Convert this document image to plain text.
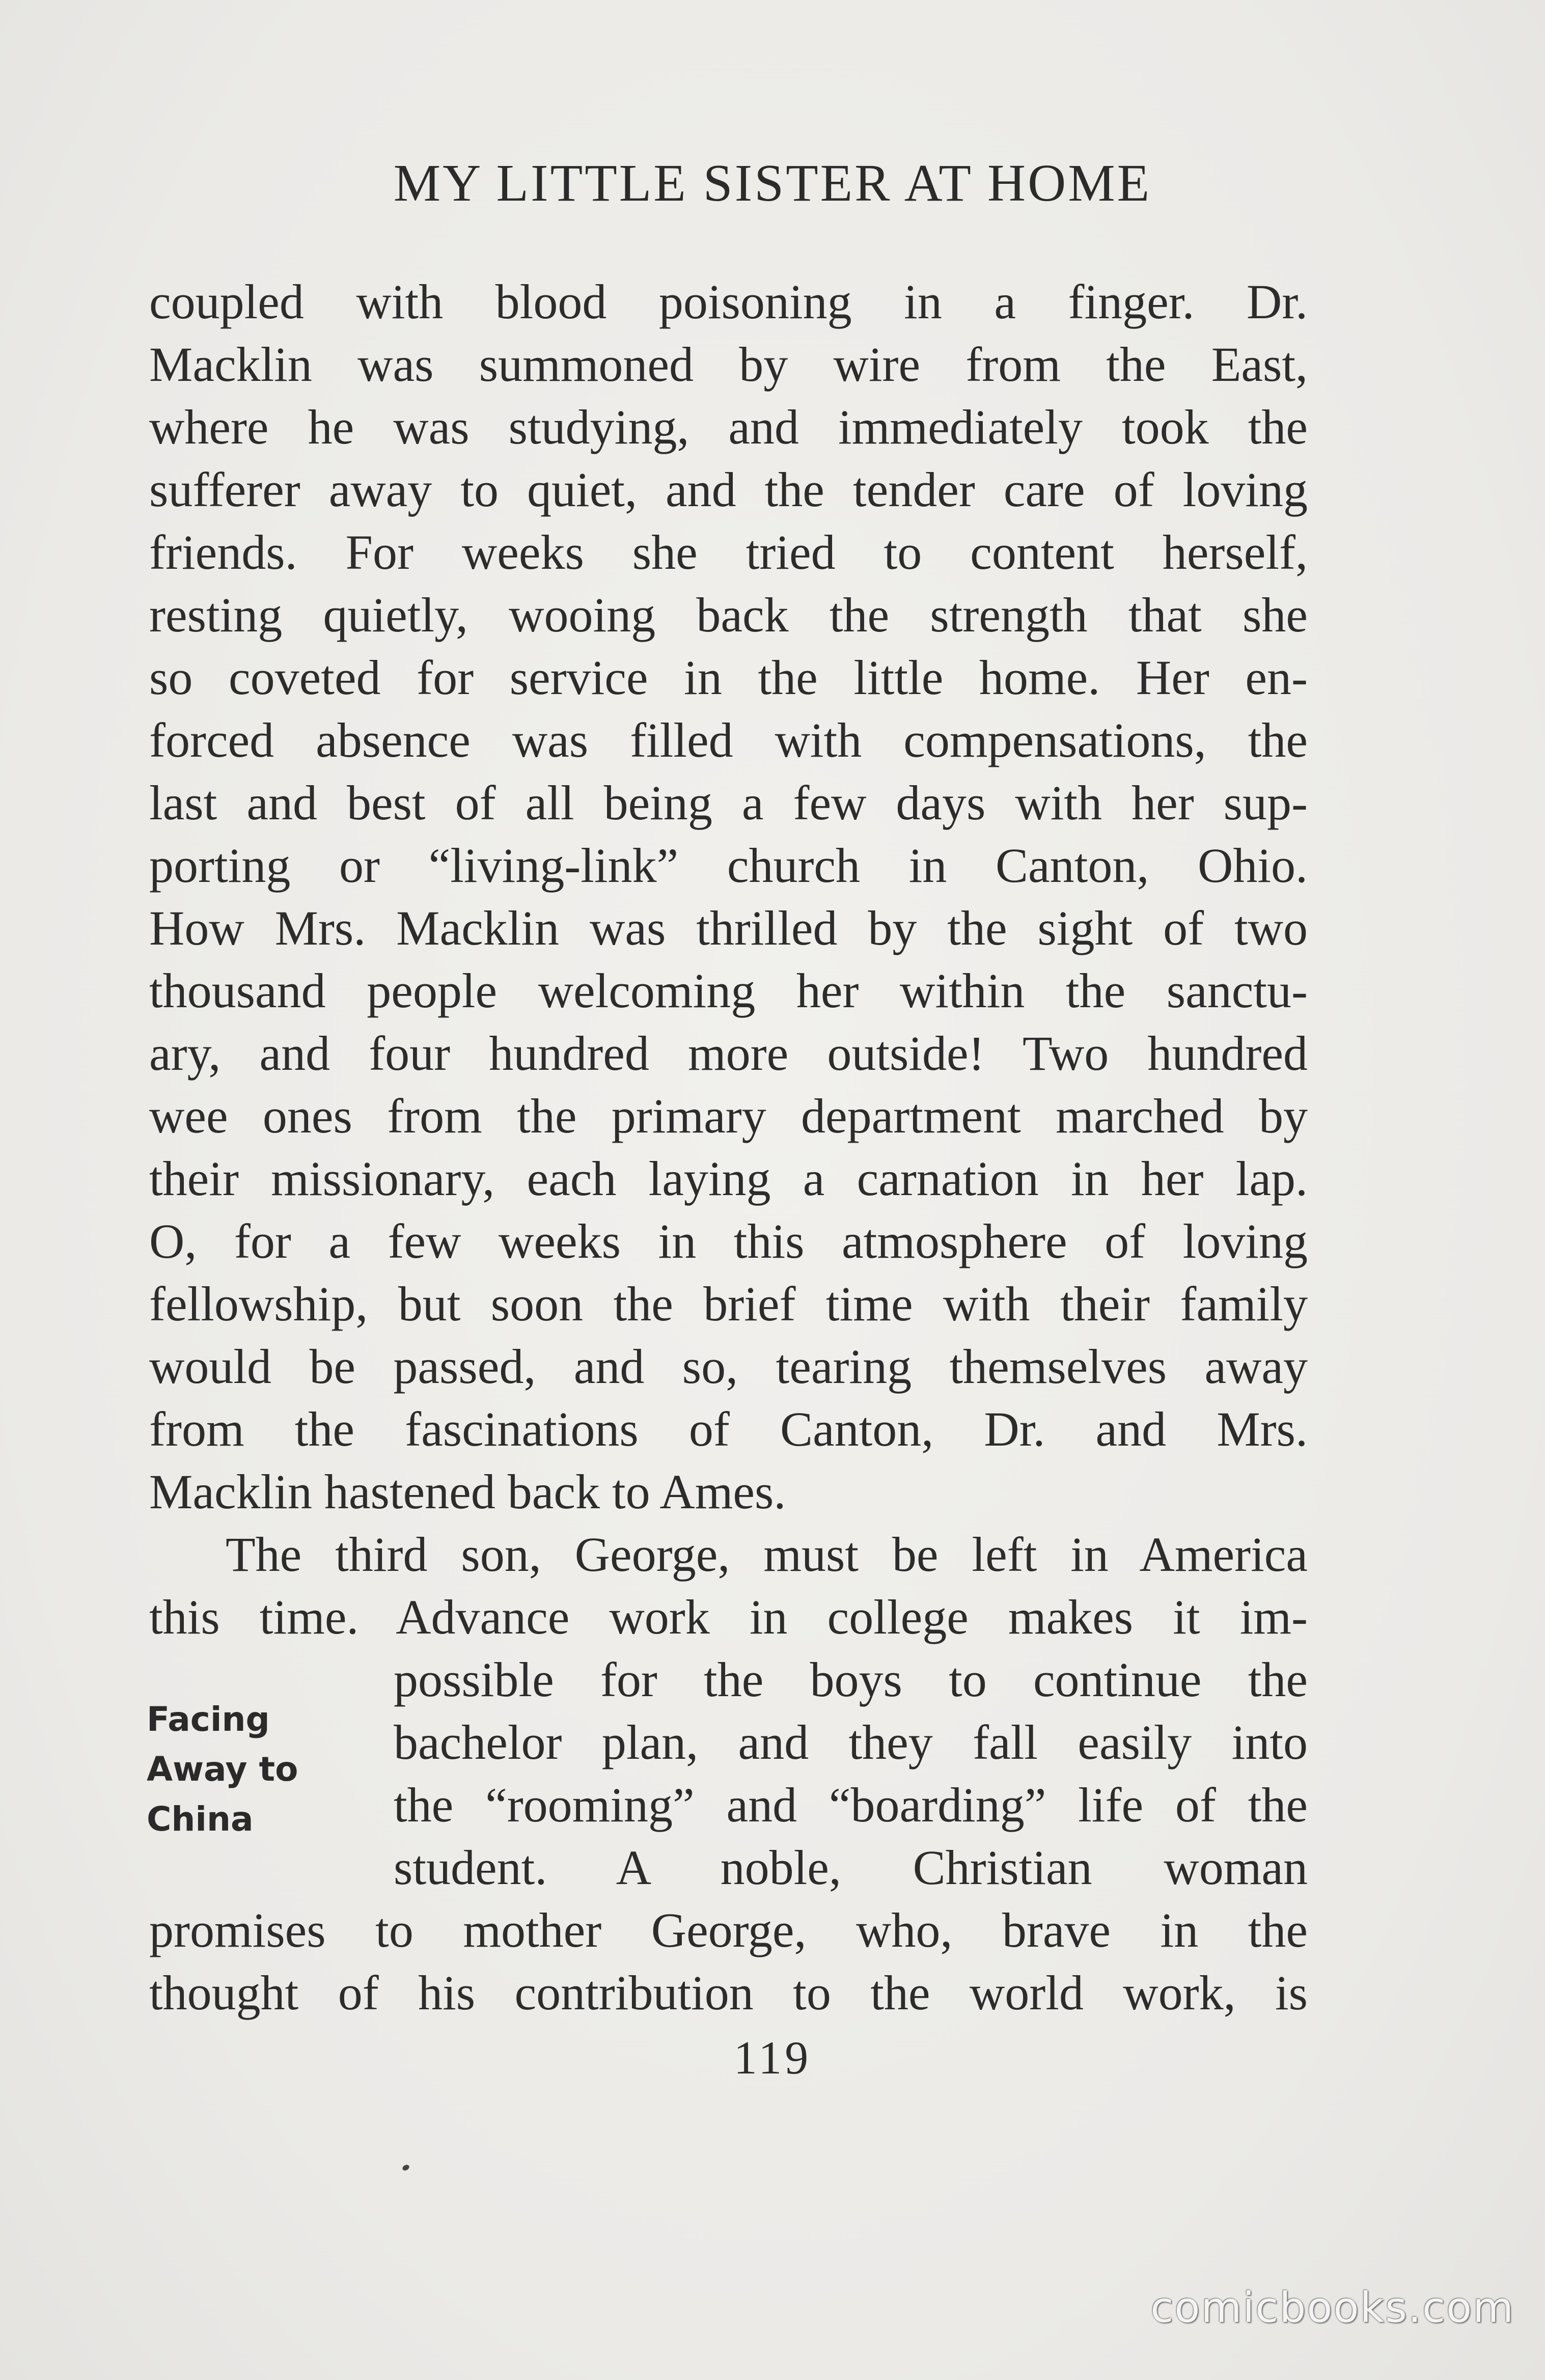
MY LITTLE SISTER AT HOME
coupled with blood poisoning in a finger. Dr.
Macklin was summoned by wire from the East,
where he was studying, and immediately took the
sufferer away to quiet, and the tender care of loving
friends. For weeks she tried to content herself,
resting quietly, wooing back the strength that she
so coveted for service in the little home. Her en-
forced absence was filled with compensations, the
last and best of all being a few days with her sup-
porting or “living-link” church in Canton, Ohio.
How Mrs. Macklin was thrilled by the sight of two
thousand people welcoming her within the sanctu-
ary, and four hundred more outside! Two hundred
wee ones from the primary department marched by
their missionary, each laying a carnation in her lap.
O, for a few weeks in this atmosphere of loving
fellowship, but soon the brief time with their family
would be passed, and so, tearing themselves away
from the fascinations of Canton, Dr. and Mrs.
Macklin hastened back to Ames.
The third son, George, must be left in America
this time. Advance work in college makes it im-
possible for the boys to continue the
bachelor plan, and they fall easily into
the “rooming” and “boarding” life of the
student. A noble, Christian woman
promises to mother George, who, brave in the
thought of his contribution to the world work, is
Facing
Away to
China
119
comicbooks.com
